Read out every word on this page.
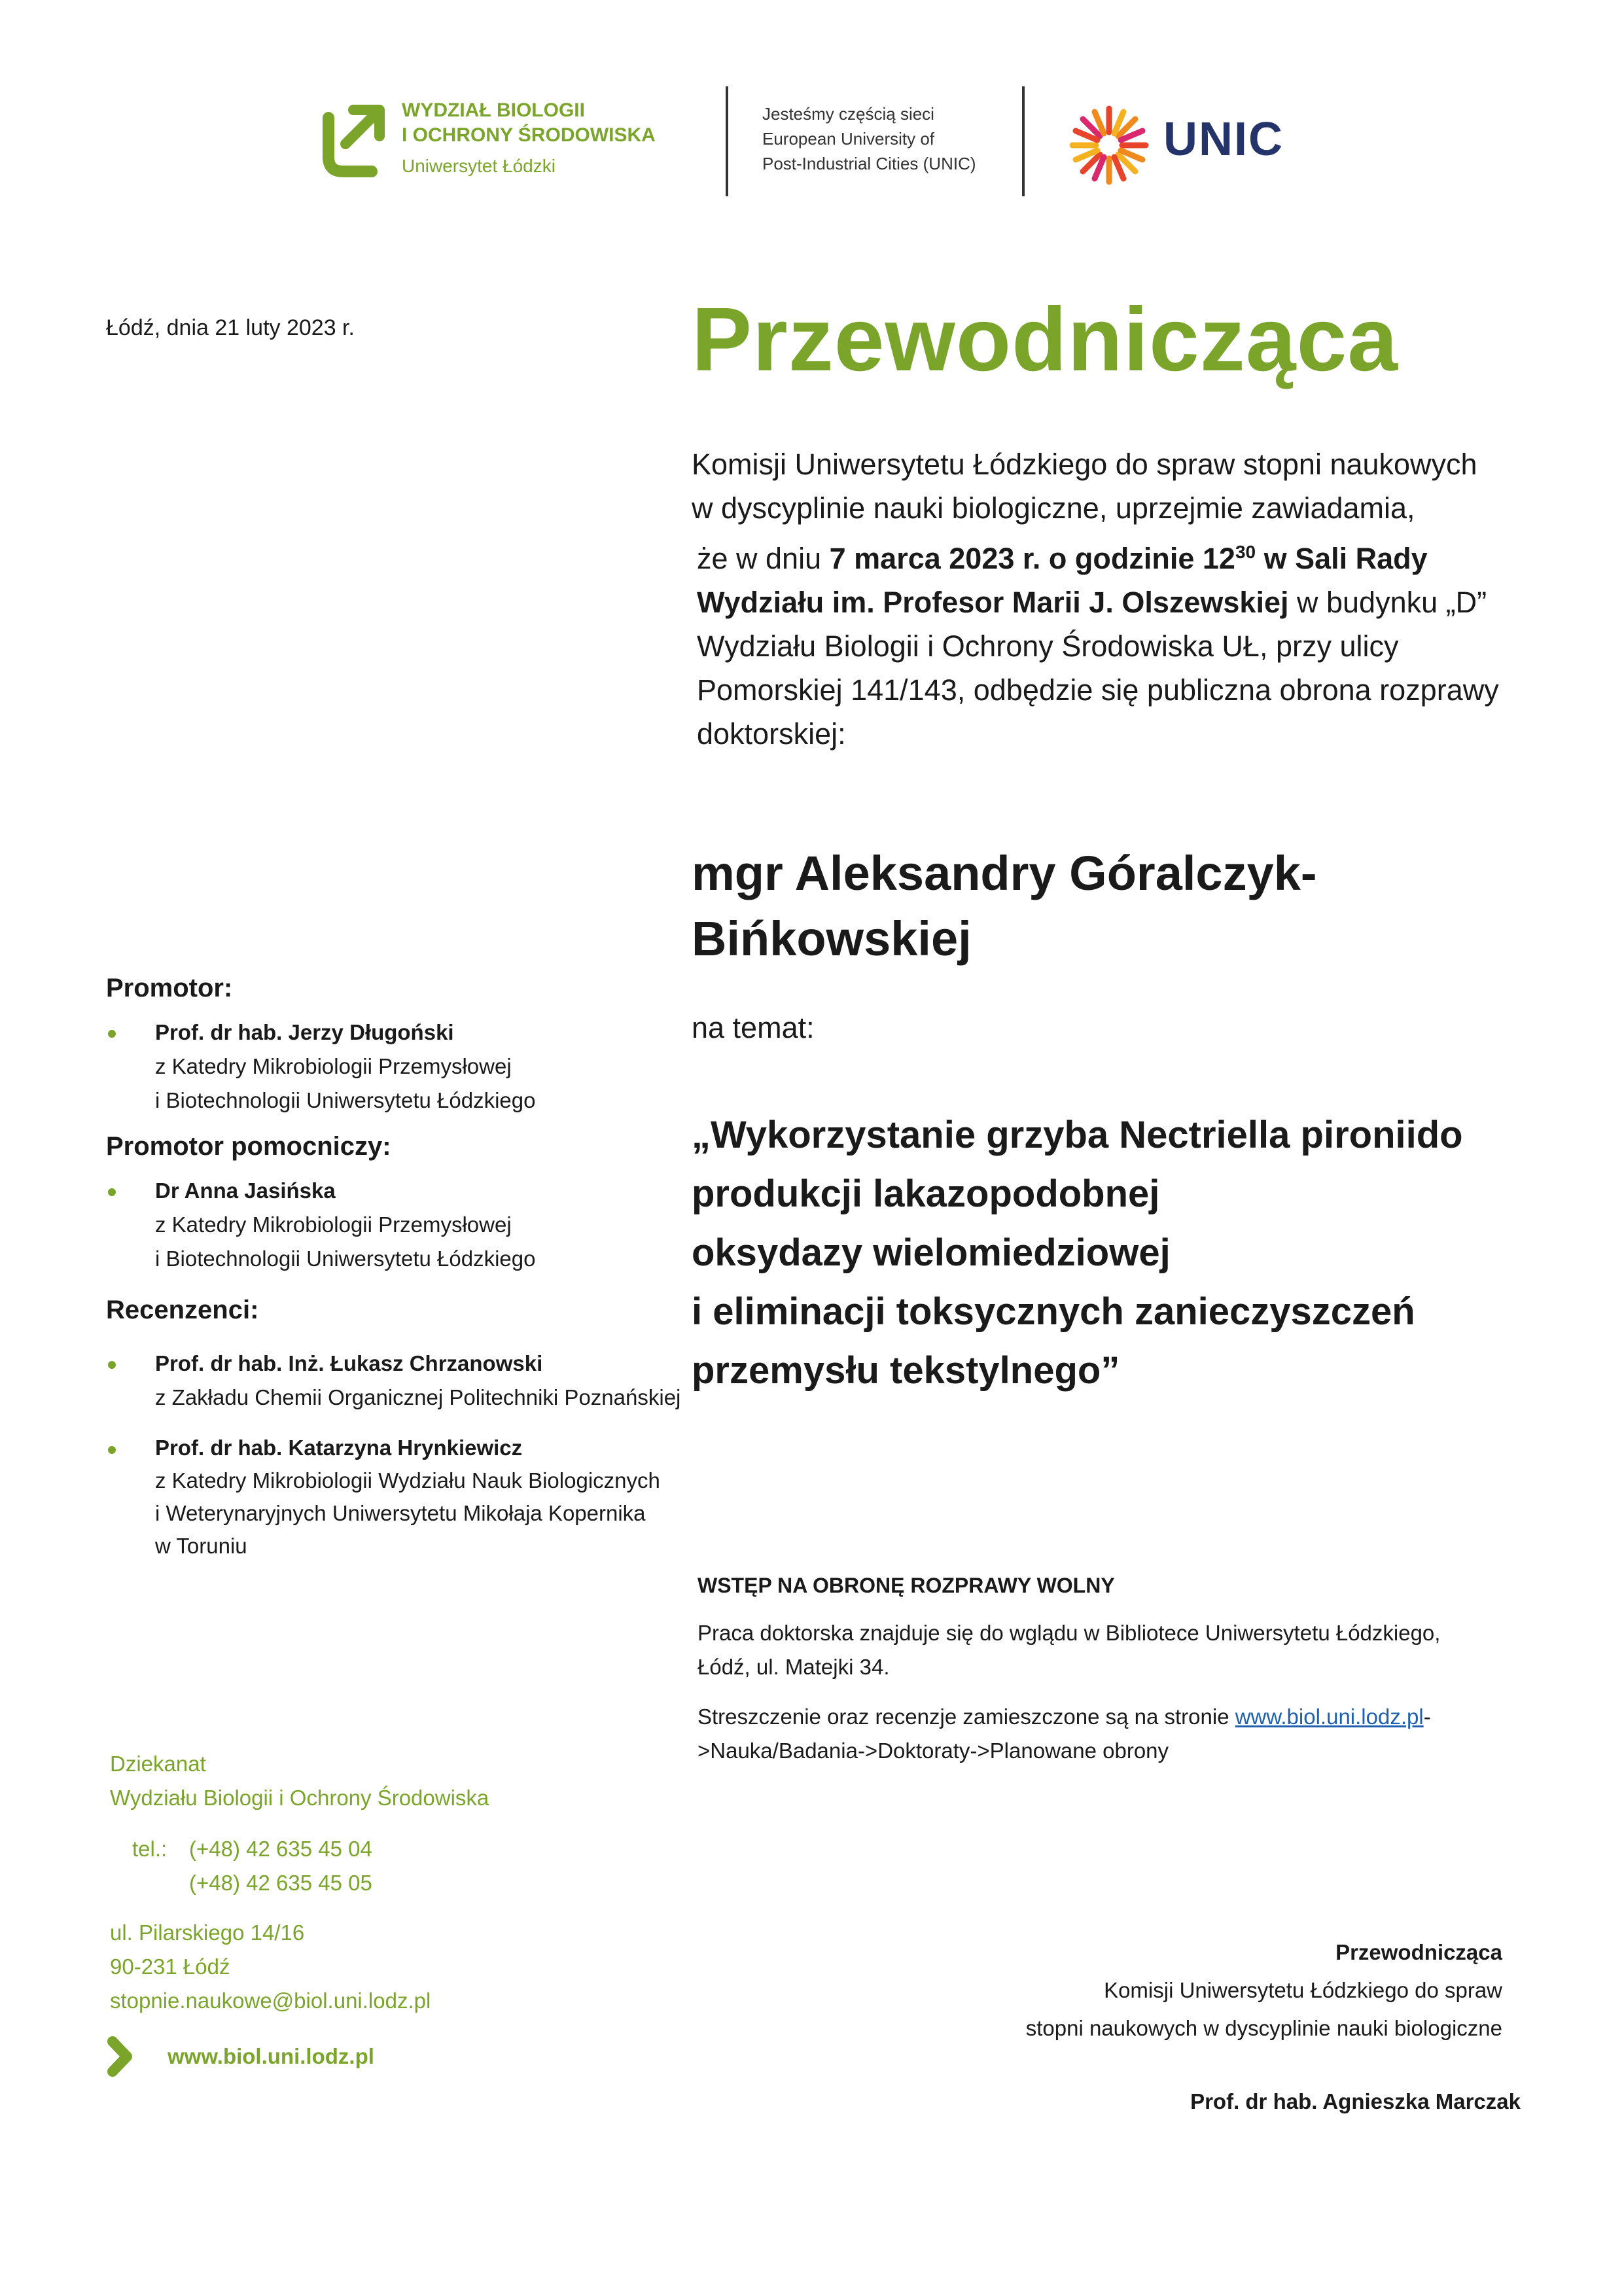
WYDZIAŁ BIOLOGII
I OCHRONY ŚRODOWISKA
Uniwersytet Łódzki
Jesteśmy częścią sieci
European University of
Post-Industrial Cities (UNIC)	UNIC
Łódź, dnia 21 luty 2023 r.	Przewodnicząca

Komisji Uniwersytetu Łódzkiego do spraw stopni naukowych

w dyscyplinie nauki biologiczne, uprzejmie zawiadamia,

że w dniu 7 marca 2023 r. o godzinie $12^{30}$ w Sali Rady

Wydziału im. Profesor Marii J. Olszewskiej w budynku „D”

Wydziału Biologii i Ochrony Środowiska UŁ, przy ulicy

Pomorskiej 141/143, odbędzie się publiczna obrona rozprawy

doktorskiej:

mgr Aleksandry Góralczyk-
Bińkowskiej
na temat:
„Wykorzystanie grzyba Nectriella pironiido
produkcji lakazopodobnej
oksydazy wielomiedziowej
i eliminacji toksycznych zanieczyszczeń
przemysłu tekstylnego”
Promotor:
Prof. dr hab. Jerzy Długoński
z Katedry Mikrobiologii Przemysłowej
i Biotechnologii Uniwersytetu Łódzkiego
Promotor pomocniczy:
Dr Anna Jasińska
z Katedry Mikrobiologii Przemysłowej
i Biotechnologii Uniwersytetu Łódzkiego
Recenzenci:
Prof. dr hab. Inż. Łukasz Chrzanowski
z Zakładu Chemii Organicznej Politechniki Poznańskiej
Prof. dr hab. Katarzyna Hrynkiewicz
z Katedry Mikrobiologii Wydziału Nauk Biologicznych
i Weterynaryjnych Uniwersytetu Mikołaja Kopernika
w Toruniu
WSTĘP NA OBRONĘ ROZPRAWY WOLNY
Praca doktorska znajduje się do wglądu w Bibliotece Uniwersytetu Łódzkiego,
Łódź, ul. Matejki 34.
Streszczenie oraz recenzje zamieszczone są na stronie www.biol.uni.lodz.pl-
>Nauka/Badania->Doktoraty->Planowane obrony
Dziekanat
Wydziału Biologii i Ochrony Środowiska
tel.: (+48) 42 635 45 04
(+48) 42 635 45 05
ul. Pilarskiego 14/16
90-231 Łódź
stopnie.naukowe@biol.uni.lodz.pl
www.biol.uni.lodz.pl
Przewodnicząca
Komisji Uniwersytetu Łódzkiego do spraw
stopni naukowych w dyscyplinie nauki biologiczne
Prof. dr hab. Agnieszka Marczak
